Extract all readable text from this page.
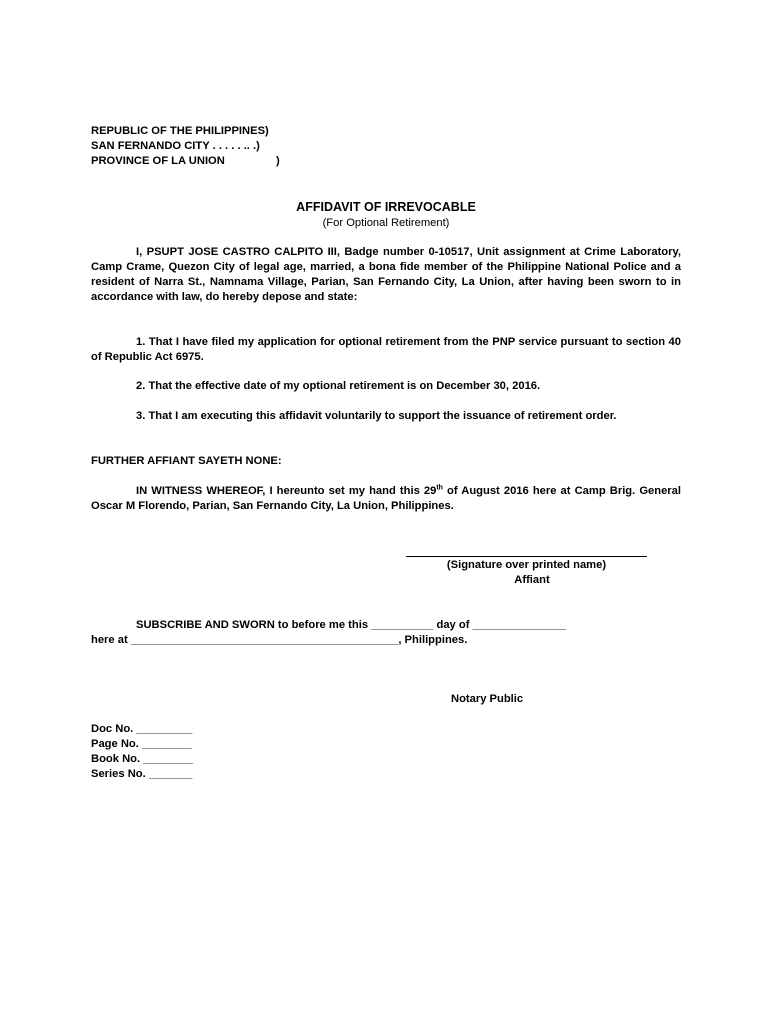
REPUBLIC OF THE PHILIPPINES)
SAN FERNANDO CITY . . . . . .. .)
PROVINCE OF LA UNION	)
AFFIDAVIT OF IRREVOCABLE
(For Optional Retirement)
I, PSUPT JOSE CASTRO CALPITO III, Badge number 0-10517, Unit assignment at Crime Laboratory, Camp Crame, Quezon City of legal age, married, a bona fide member of the Philippine National Police and a resident of Narra St., Namnama Village, Parian, San Fernando City, La Union, after having been sworn to in accordance with law, do hereby depose and state:
1. That I have filed my application for optional retirement from the PNP service pursuant to section 40 of Republic Act 6975.
2. That the effective date of my optional retirement is on December 30, 2016.
3. That I am executing this affidavit voluntarily to support the issuance of retirement order.
FURTHER AFFIANT SAYETH NONE:
IN WITNESS WHEREOF, I hereunto set my hand this 29th of August 2016 here at Camp Brig. General Oscar M Florendo, Parian, San Fernando City, La Union, Philippines.
(Signature over printed name)
Affiant
SUBSCRIBE AND SWORN to before me this __________ day of _______________
here at ___________________________________________, Philippines.
Notary Public
Doc No. _________
Page No. ________
Book No. ________
Series No. _______
